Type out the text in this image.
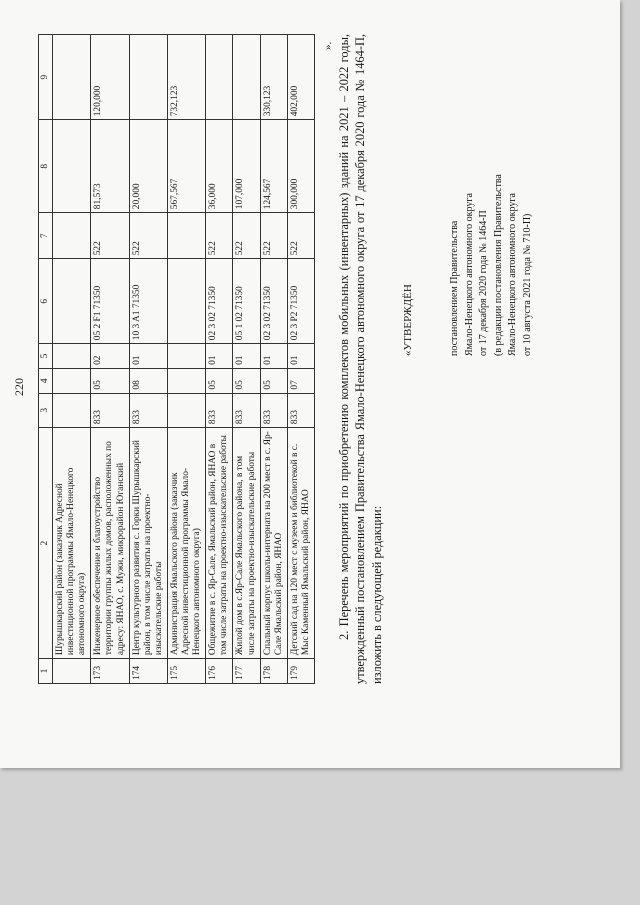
220
1	2	3	4	5	6	7	8	9
	Шурышкарский район (заказчик Адресной инвестиционной программы Ямало-Ненецкого автономного округа)							
173	Инженерное обеспечение и благоустройство территории группы жилых домов, расположенных по адресу: ЯНАО, с. Мужи, микрорайон Юганский	833	05	02	05 2 F1 71350	522	81,573	120,000
174	Центр культурного развития с. Горки Шурышкарский район, в том числе затраты на проектно-изыскательские работы	833	08	01	10 3 A1 71350	522	20,000	
175	Администрация Ямальского района (заказчик Адресной инвестиционной программы Ямало-Ненецкого автономного округа)						567,567	732,123
176	Общежитие в с. Яр-Сале, Ямальский район, ЯНАО в том числе затраты на проектно-изыскательские работы	833	05	01	02 3 02 71350	522	36,000	
177	Жилой дом в с.Яр-Сале Ямальского района, в том числе затраты на проектно-изыскательские работы	833	05	01	05 1 02 71350	522	107,000	
178	Спальный корпус школы-интерната на 200 мест в с. Яр-Сале Ямальский район, ЯНАО	833	05	01	02 3 02 71350	522	124,567	330,123
179	Детский сад на 120 мест с музеем и библиотекой в с. Мыс Каменный Ямальский район, ЯНАО	833	07	01	02 3 P2 71350	522	300,000	402,000
». 2. Перечень мероприятий по приобретению комплектов мобильных (инвентарных) зданий на 2021 – 2022 годы, утвержденный постановлением Правительства Ямало-Ненецкого автономного округа от 17 декабря 2020 года № 1464-П, изложить в следующей редакции:
«УТВЕРЖДЁН	постановлением Правительства Ямало-Ненецкого автономного округа от 17 декабря 2020 года № 1464-П (в редакции постановления Правительства Ямало-Ненецкого автономного округа от 10 августа 2021 года № 710-П)
